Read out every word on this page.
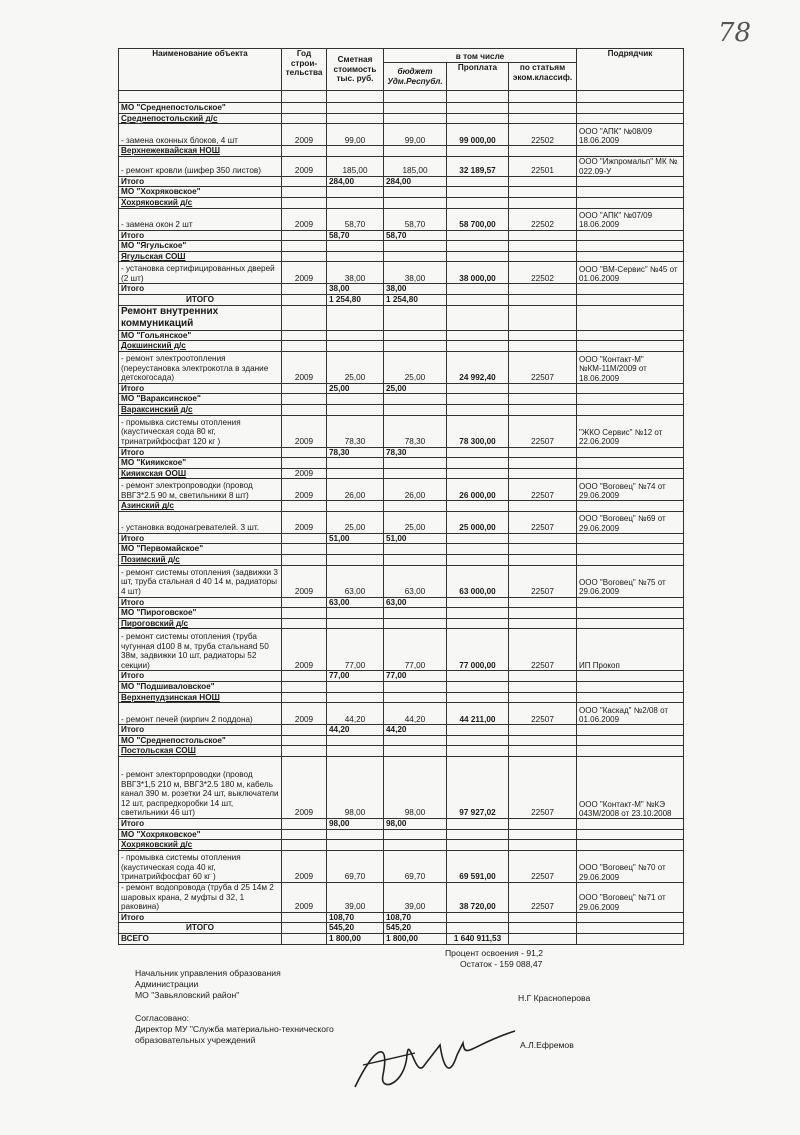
78
Наименование объекта	Год строи-тельства	Сметная стоимость тыс. руб.	в том числе			Подрядчик
			бюджет Удм.Республ.	Проплата	по статьям эком.классиф.	

МО "Среднепостольское"						
Среднепостольский д/с						
- замена оконных блоков, 4 шт	2009	99,00	99,00	99 000,00	22502	ООО "АПК" №08/09 18.06.2009
Верхнежеквайская НОШ						
- ремонт кровли (шифер 350 листов)	2009	185,00	185,00	32 189,57	22501	ООО "Ижпромальп" МК № 022.09-У
Итого		284,00	284,00			
МО "Хохряковское"						
Хохряковский д/с						
- замена окон 2 шт	2009	58,70	58,70	58 700,00	22502	ООО "АПК" №07/09 18.06.2009
Итого		58,70	58,70			
МО "Ягульское"						
Ягульская СОШ						
- установка сертифицированных дверей (2 шт)	2009	38,00	38,00	38 000,00	22502	ООО "ВМ-Сервис" №45 от 01.06.2009
Итого		38,00	38,00			
ИТОГО		1 254,80	1 254,80			
Ремонт внутренних коммуникаций						
МО "Гольянское"						
Докшинский д/с						
- ремонт электроотопления (переустановка электрокотла в здание детскогосада)	2009	25,00	25,00	24 992,40	22507	ООО "Контакт-М" №КМ-11М/2009 от 18.06.2009
Итого		25,00	25,00			
МО "Вараксинское"						
Вараксинский д/с						
- промывка системы отопления (каустическая сода 80 кг, тринатрийфосфат 120 кг )	2009	78,30	78,30	78 300,00	22507	"ЖКО Сервис" №12 от 22.06.2009
Итого		78,30	78,30			
МО "Кияикское"						
Кияикская ООШ	2009					
- ремонт электропроводки (провод ВВГ3*2.5 90 м, светильники 8 шт)	2009	26,00	26,00	26 000,00	22507	ООО "Воговец" №74 от 29.06.2009
Азинский д/с						
- установка водонагревателей. 3 шт.	2009	25,00	25,00	25 000,00	22507	ООО "Воговец" №69 от 29.06.2009
Итого		51,00	51,00			
МО "Первомайское"						
Позимский д/с						
- ремонт системы отопления (задвижки 3 шт, труба стальная d 40 14 м, радиаторы 4 шт)	2009	63,00	63,00	63 000,00	22507	ООО "Воговец" №75 от 29.06.2009
Итого		63,00	63,00			
МО "Пироговское"						
Пироговский д/с						
- ремонт системы отопления (труба чугунная d100 8 м, труба стальнаяd 50 38м, задвижки 10 шт, радиаторы 52 секции)	2009	77,00	77,00	77 000,00	22507	ИП Прокоп
Итого		77,00	77,00			
МО "Подшиваловское"						
Верхнепудзинская НОШ						
- ремонт печей (кирпич 2 поддона)	2009	44,20	44,20	44 211,00	22507	ООО "Каскад" №2/08 от 01.06.2009
Итого		44,20	44,20			
МО "Среднепостольское"						
Постольская СОШ						
- ремонт электорпроводки (провод ВВГ3*1,5 210 м, ВВГ3*2.5 180 м, кабель канал 390 м. розетки 24 шт, выключатели 12 шт, распредкоробки 14 шт, светильники 46 шт)	2009	98,00	98,00	97 927,02	22507	ООО "Контакт-М" №КЭ 043М/2008 от 23.10.2008
Итого		98,00	98,00			
МО "Хохряковское"						
Хохряковский д/с						
- промывка системы отопления (каустическая сода 40 кг, тринатрийфосфат 60 кг )	2009	69,70	69,70	69 591,00	22507	ООО "Воговец" №70 от 29.06.2009
- ремонт водопровода (труба d 25 14м 2 шаровых крана, 2 муфты d 32, 1 раковина)	2009	39,00	39,00	38 720,00	22507	ООО "Воговец" №71 от 29.06.2009
Итого		108,70	108,70			
ИТОГО		545,20	545,20			
ВСЕГО		1 800,00	1 800,00	1 640 911,53		
Процент освоения - 91,2
Остаток - 159 088,47
Начальник управления образования
Администрации
МО "Завьяловский район"	Н.Г Красноперова
Согласовано:
Директор МУ "Служба материально-технического
образовательных учреждений	А.Л.Ефремов
